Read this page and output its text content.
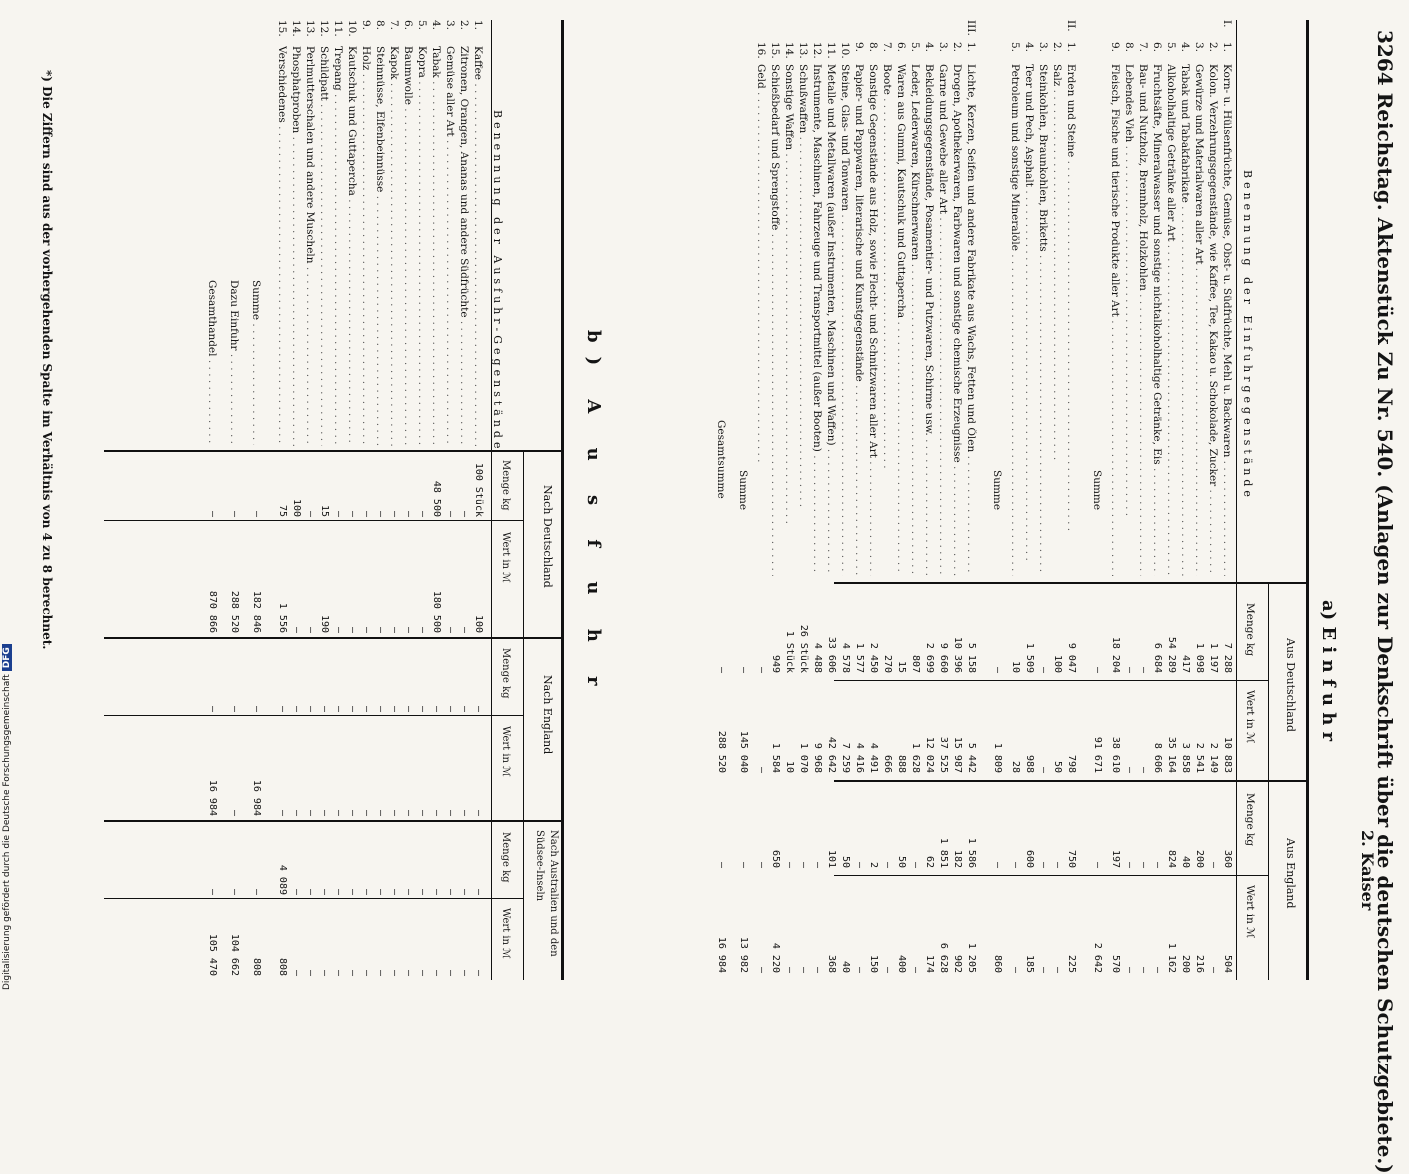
3264 Reichstag. Aktenstück Zu Nr. 540. (Anlagen zur Denkschrift über die deutschen Schutzgebiete.)
2. Kaiser
a) E i n f u h r
Benennung der Einfuhrgegenstände
Aus Deutschland
Aus England
Menge kg
Wert in ℳ
Menge kg
Wert in ℳ
I.
1.
Korn- u. Hülsenfrüchte, Gemüse, Obst- u. Südfrüchte, Mehl u. Backwaren . . .
7 288
10 883
360
504
2.
Kolon. Verzehrungsgegenstände, wie Kaffee, Tee, Kakao u. Schokolade, Zucker . . .
1 197
2 149
—
—
3.
Gewürze und Materialwaren aller Art . . .
1 098
2 541
200
216
4.
Tabak und Tabakfabrikate . . .
417
3 858
40
200
5.
Alkoholhaltige Getränke aller Art . . .
54 289
35 164
824
1 162
6.
Fruchtsäfte, Mineralwasser und sonstige nichtalkoholhaltige Getränke, Eis . . .
6 684
8 606
—
—
7.
Bau- und Nutzholz, Brennholz, Holzkohlen . . .
—
—
—
—
8.
Lebendes Vieh . . .
—
—
—
—
9.
Fleisch, Fische und tierische Produkte aller Art . . .
18 204
38 610
197
570
Summe
—
91 671
—
2 642
II.
1.
Erden und Steine . . .
9 047
798
750
225
2.
Salz . . .
100
50
—
—
3.
Steinkohlen, Braunkohlen, Briketts . . .
—
—
—
—
4.
Teer und Pech, Asphalt . . .
1 509
988
600
185
5.
Petroleum und sonstige Mineralöle . . .
10
28
—
—
Summe
—
1 809
—
860
III.
1.
Lichte, Kerzen, Seifen und andere Fabrikate aus Wachs, Fetten und Ölen . . .
5 158
5 442
1 586
1 205
2.
Drogen, Apothekerwaren, Farbwaren und sonstige chemische Erzeugnisse . . .
10 396
15 987
182
902
3.
Garne und Gewebe aller Art . . .
9 660
37 525
1 851
6 628
4.
Bekleidungsgegenstände, Posamentier- und Putzwaren, Schirme usw. . . .
2 699
12 024
62
174
5.
Leder, Lederwaren, Kürschnerwaren . . .
807
1 628
—
—
6.
Waren aus Gummi, Kautschuk und Guttapercha . . .
15
888
50
400
7.
Boote . . .
270
666
—
—
8.
Sonstige Gegenstände aus Holz, sowie Flecht- und Schnitzwaren aller Art . . .
2 450
4 491
2
150
9.
Papier- und Pappwaren, literarische und Kunstgegenstände . . .
1 577
4 416
—
—
10.
Steine, Glas- und Tonwaren . . .
4 578
7 259
50
40
11.
Metalle und Metallwaren (außer Instrumenten, Maschinen und Waffen) . . .
33 606
42 642
101
368
12.
Instrumente, Maschinen, Fahrzeuge und Transportmittel (außer Booten) . . .
4 488
9 968
—
—
13.
Schußwaffen . . .
26 Stück
1 070
—
—
14.
Sonstige Waffen . . .
1 Stück
10
—
—
15.
Schießbedarf und Sprengstoffe . . .
949
1 584
650
4 220
16.
Geld . . .
—
—
—
—
Summe
—
145 040
—
13 982
Gesamtsumme
—
288 520
—
16 984
b) A u s f u h r
Benennung der Ausfuhr-Gegenstände
Nach Deutschland
Nach England
Nach Australien und den Südsee-Inseln
Menge kg
Wert in ℳ
Menge kg
Wert in ℳ
Menge kg
Wert in ℳ
1.
Kaffee . . .
100 Stück
100
—
—
—
—
2.
Zitronen, Orangen, Ananas und andere Südfrüchte . . .
—
—
—
—
—
—
3.
Gemüse aller Art . . .
—
—
—
—
—
—
4.
Tabak . . .
48 500
180 500
—
—
—
—
5.
Kopra . . .
—
—
—
—
—
—
6.
Baumwolle . . .
—
—
—
—
—
—
7.
Kapok . . .
—
—
—
—
—
—
8.
Steinnüsse, Elfenbeinnüsse . . .
—
—
—
—
—
—
9.
Holz . . .
—
—
—
—
—
—
10.
Kautschuk und Guttapercha . . .
—
—
—
—
—
—
11.
Trepang . . .
—
—
—
—
—
—
12.
Schildpatt . . .
15
190
—
—
—
—
13.
Perlmutterschalen und andere Muscheln . . .
—
—
—
—
—
—
14.
Phosphatproben . . .
100
—
—
—
—
—
15.
Verschiedenes . . .
75
1 556
—
—
4 089
808
Summe . . .
—
182 846
—
16 984
—
808
Dazu Einfuhr . . .
—
288 520
—
—
—
104 662
Gesamthandel . . .
—
870 866
—
16 984
—
105 470
*) Die Ziffern sind aus der vorhergehenden Spalte im Verhältnis von 4 zu 8 berechnet.
Digitalisierung gefördert durch die Deutsche ForschungsgemeinschaftDFG
